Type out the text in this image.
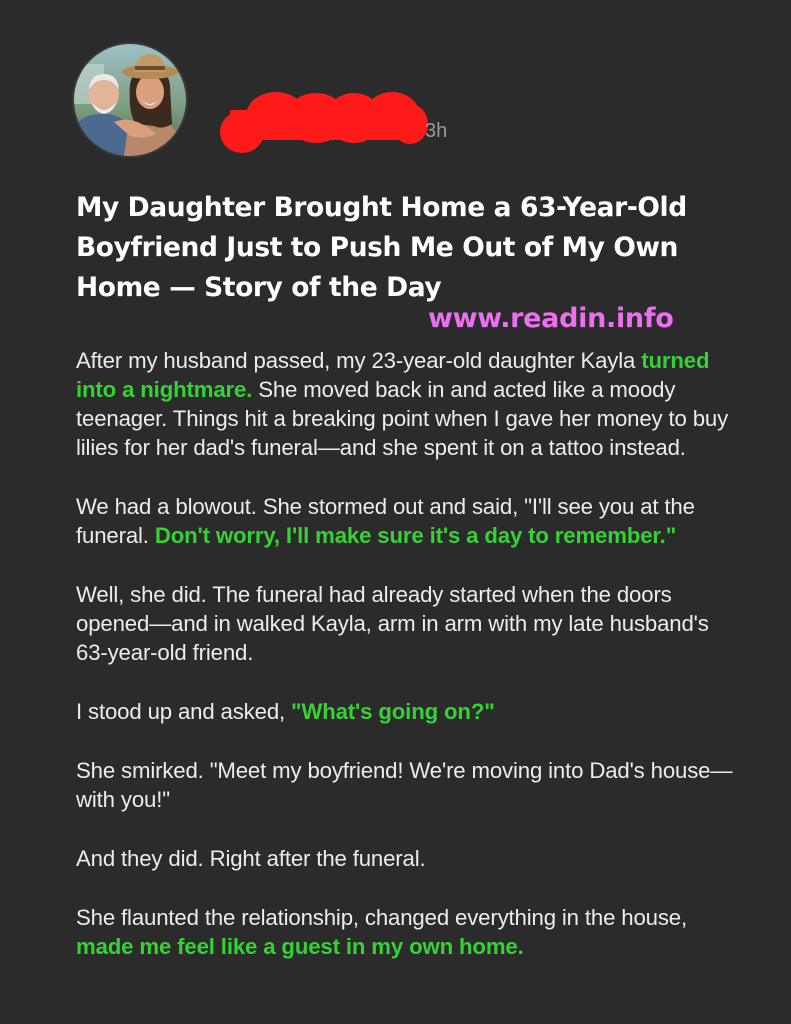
3h
My Daughter Brought Home a 63-Year-Old Boyfriend Just to Push Me Out of My Own Home — Story of the Day
www.readin.info

After my husband passed, my 23-year-old daughter Kayla turned into a nightmare. She moved back in and acted like a moody teenager. Things hit a breaking point when I gave her money to buy lilies for her dad's funeral—and she spent it on a tattoo instead.

We had a blowout. She stormed out and said, "I'll see you at the funeral. Don't worry, I'll make sure it's a day to remember."

Well, she did. The funeral had already started when the doors opened—and in walked Kayla, arm in arm with my late husband's 63-year-old friend.

I stood up and asked, "What's going on?"

She smirked. "Meet my boyfriend! We're moving into Dad's house—with you!"

And they did. Right after the funeral.

She flaunted the relationship, changed everything in the house, made me feel like a guest in my own home.
